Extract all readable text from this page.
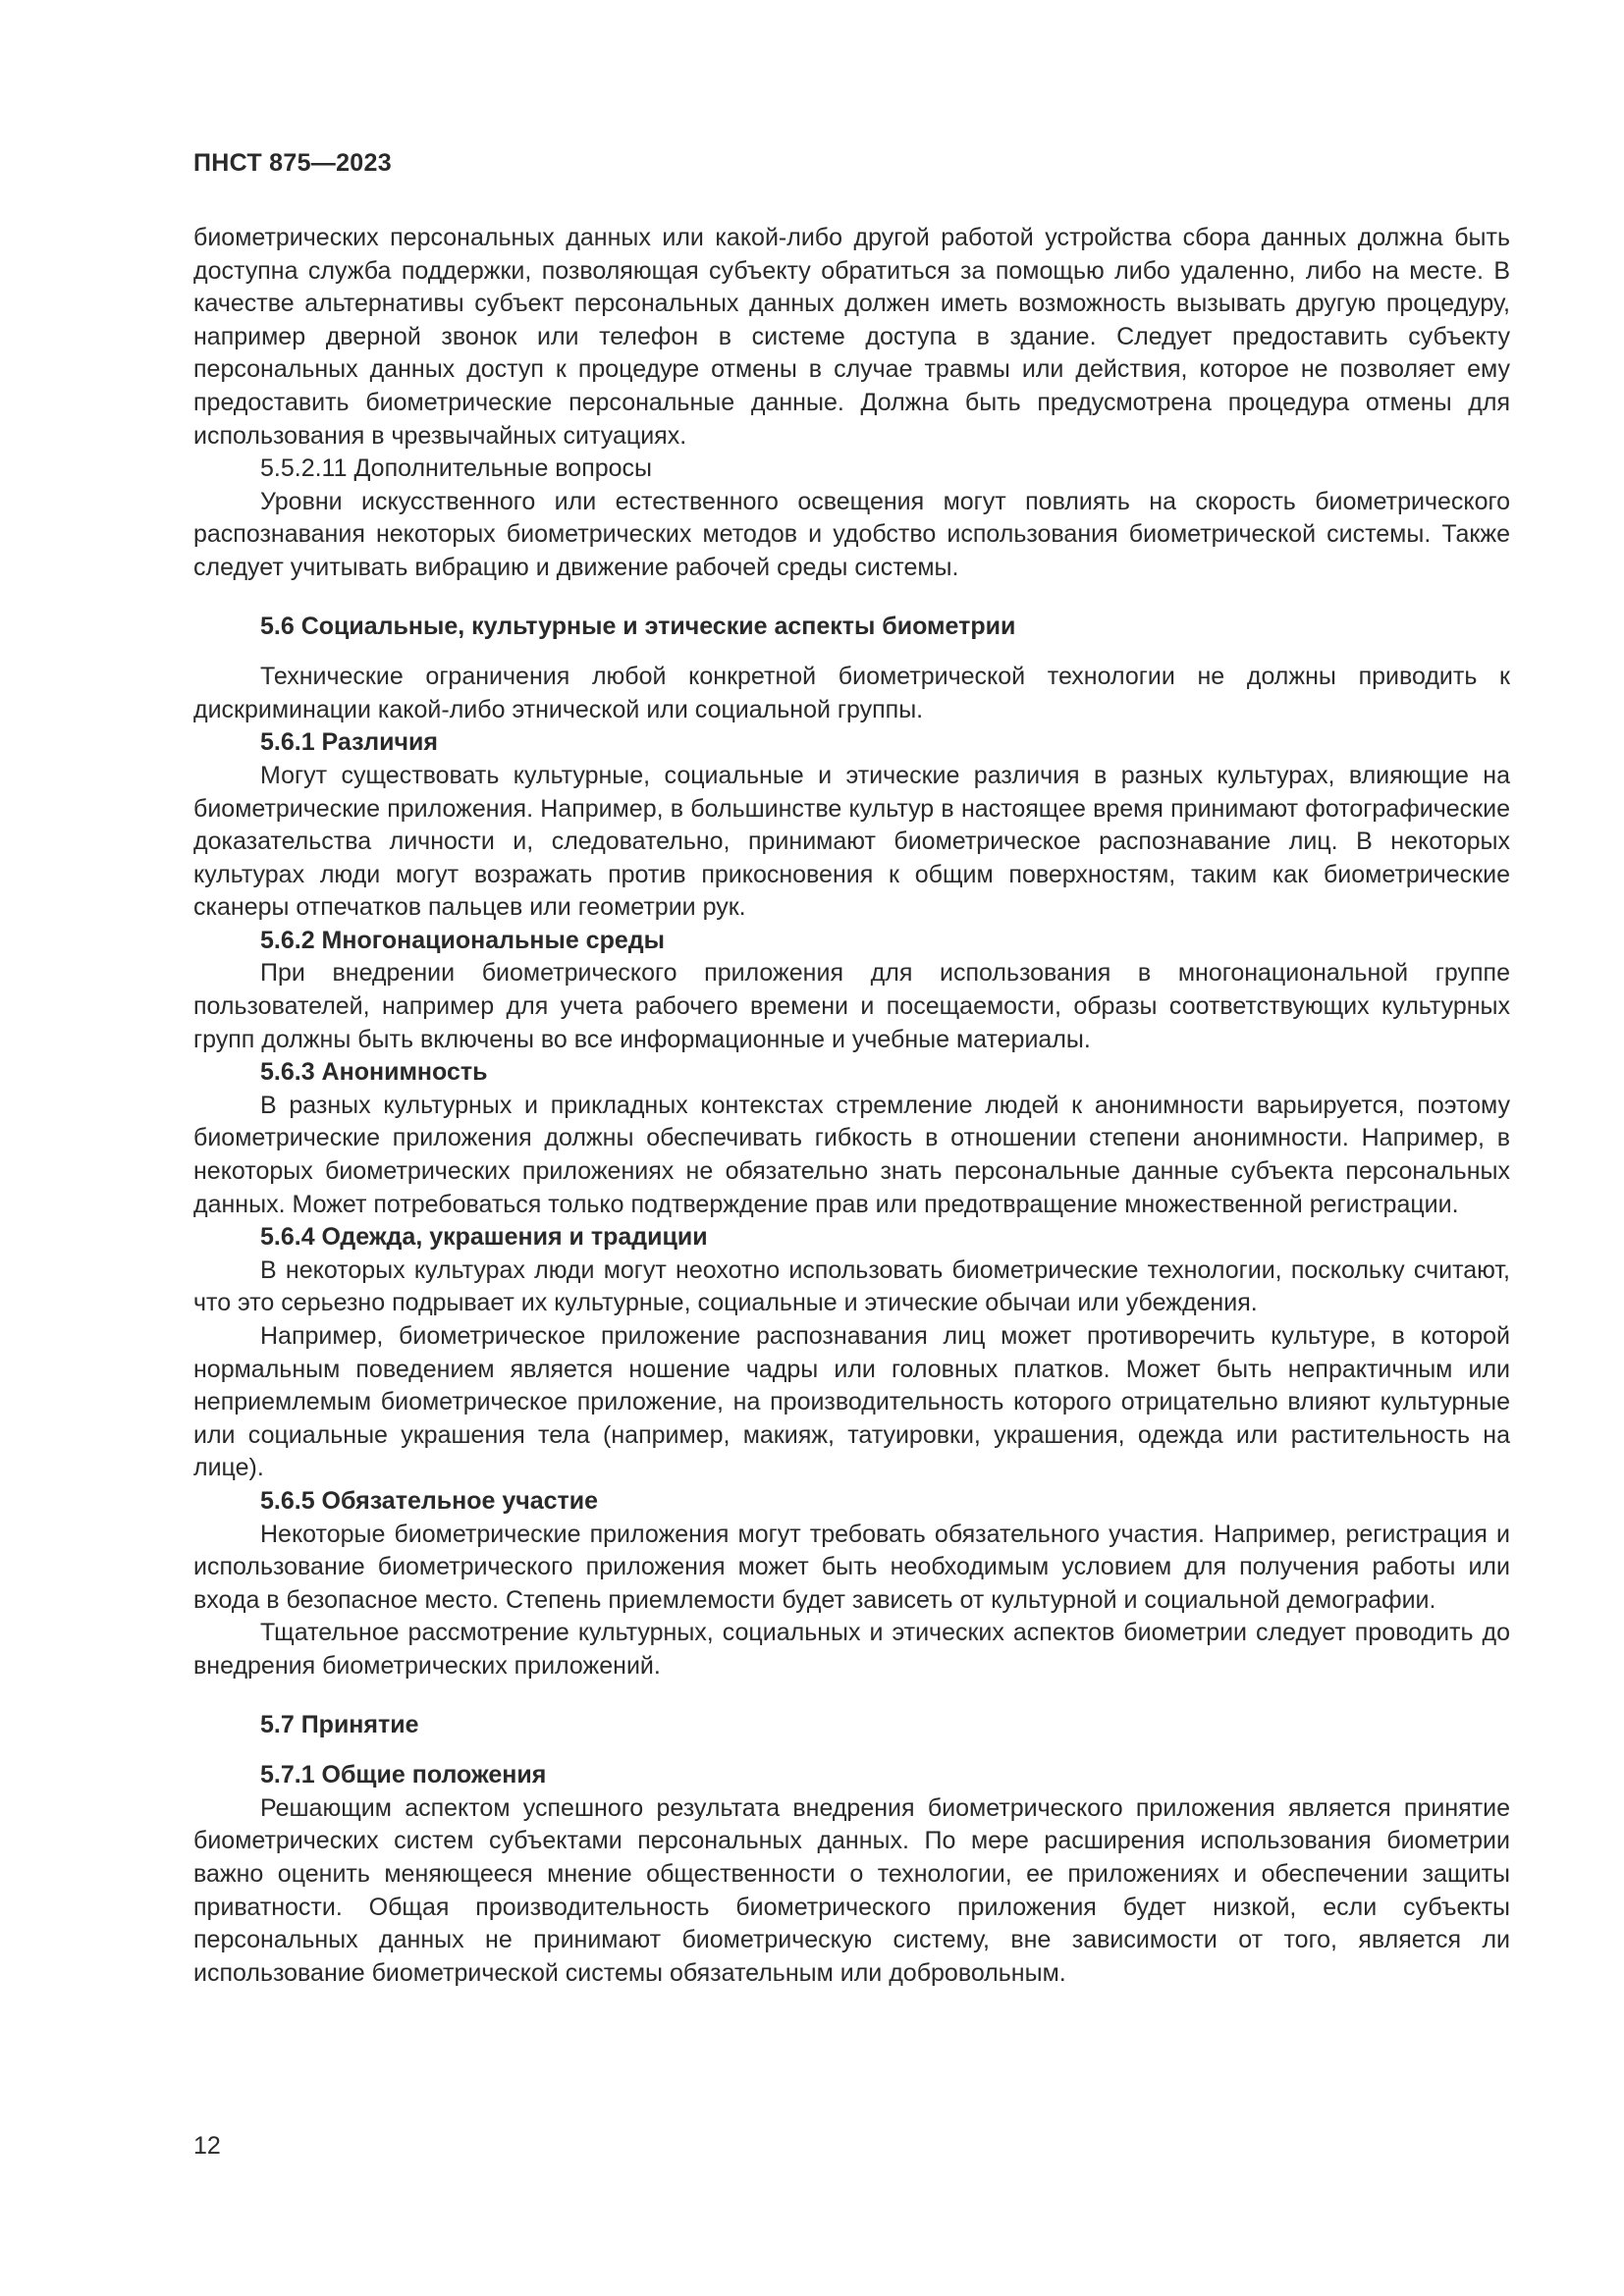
ПНСТ 875—2023

биометрических персональных данных или какой-либо другой работой устройства сбора данных должна быть доступна служба поддержки, позволяющая субъекту обратиться за помощью либо удаленно, либо на месте. В качестве альтернативы субъект персональных данных должен иметь возможность вызывать другую процедуру, например дверной звонок или телефон в системе доступа в здание. Следует предоставить субъекту персональных данных доступ к процедуре отмены в случае травмы или действия, которое не позволяет ему предоставить биометрические персональные данные. Должна быть предусмотрена процедура отмены для использования в чрезвычайных ситуациях.

5.5.2.11 Дополнительные вопросы

Уровни искусственного или естественного освещения могут повлиять на скорость биометрического распознавания некоторых биометрических методов и удобство использования биометрической системы. Также следует учитывать вибрацию и движение рабочей среды системы.

5.6 Социальные, культурные и этические аспекты биометрии

Технические ограничения любой конкретной биометрической технологии не должны приводить к дискриминации какой-либо этнической или социальной группы.

5.6.1 Различия

Могут существовать культурные, социальные и этические различия в разных культурах, влияющие на биометрические приложения. Например, в большинстве культур в настоящее время принимают фотографические доказательства личности и, следовательно, принимают биометрическое распознавание лиц. В некоторых культурах люди могут возражать против прикосновения к общим поверхностям, таким как биометрические сканеры отпечатков пальцев или геометрии рук.

5.6.2 Многонациональные среды

При внедрении биометрического приложения для использования в многонациональной группе пользователей, например для учета рабочего времени и посещаемости, образы соответствующих культурных групп должны быть включены во все информационные и учебные материалы.

5.6.3 Анонимность

В разных культурных и прикладных контекстах стремление людей к анонимности варьируется, поэтому биометрические приложения должны обеспечивать гибкость в отношении степени анонимности. Например, в некоторых биометрических приложениях не обязательно знать персональные данные субъекта персональных данных. Может потребоваться только подтверждение прав или предотвращение множественной регистрации.

5.6.4 Одежда, украшения и традиции

В некоторых культурах люди могут неохотно использовать биометрические технологии, поскольку считают, что это серьезно подрывает их культурные, социальные и этические обычаи или убеждения.

Например, биометрическое приложение распознавания лиц может противоречить культуре, в которой нормальным поведением является ношение чадры или головных платков. Может быть непрактичным или неприемлемым биометрическое приложение, на производительность которого отрицательно влияют культурные или социальные украшения тела (например, макияж, татуировки, украшения, одежда или растительность на лице).

5.6.5 Обязательное участие

Некоторые биометрические приложения могут требовать обязательного участия. Например, регистрация и использование биометрического приложения может быть необходимым условием для получения работы или входа в безопасное место. Степень приемлемости будет зависеть от культурной и социальной демографии.

Тщательное рассмотрение культурных, социальных и этических аспектов биометрии следует проводить до внедрения биометрических приложений.

5.7 Принятие
5.7.1 Общие положения

Решающим аспектом успешного результата внедрения биометрического приложения является принятие биометрических систем субъектами персональных данных. По мере расширения использования биометрии важно оценить меняющееся мнение общественности о технологии, ее приложениях и обеспечении защиты приватности. Общая производительность биометрического приложения будет низкой, если субъекты персональных данных не принимают биометрическую систему, вне зависимости от того, является ли использование биометрической системы обязательным или добровольным.

12
